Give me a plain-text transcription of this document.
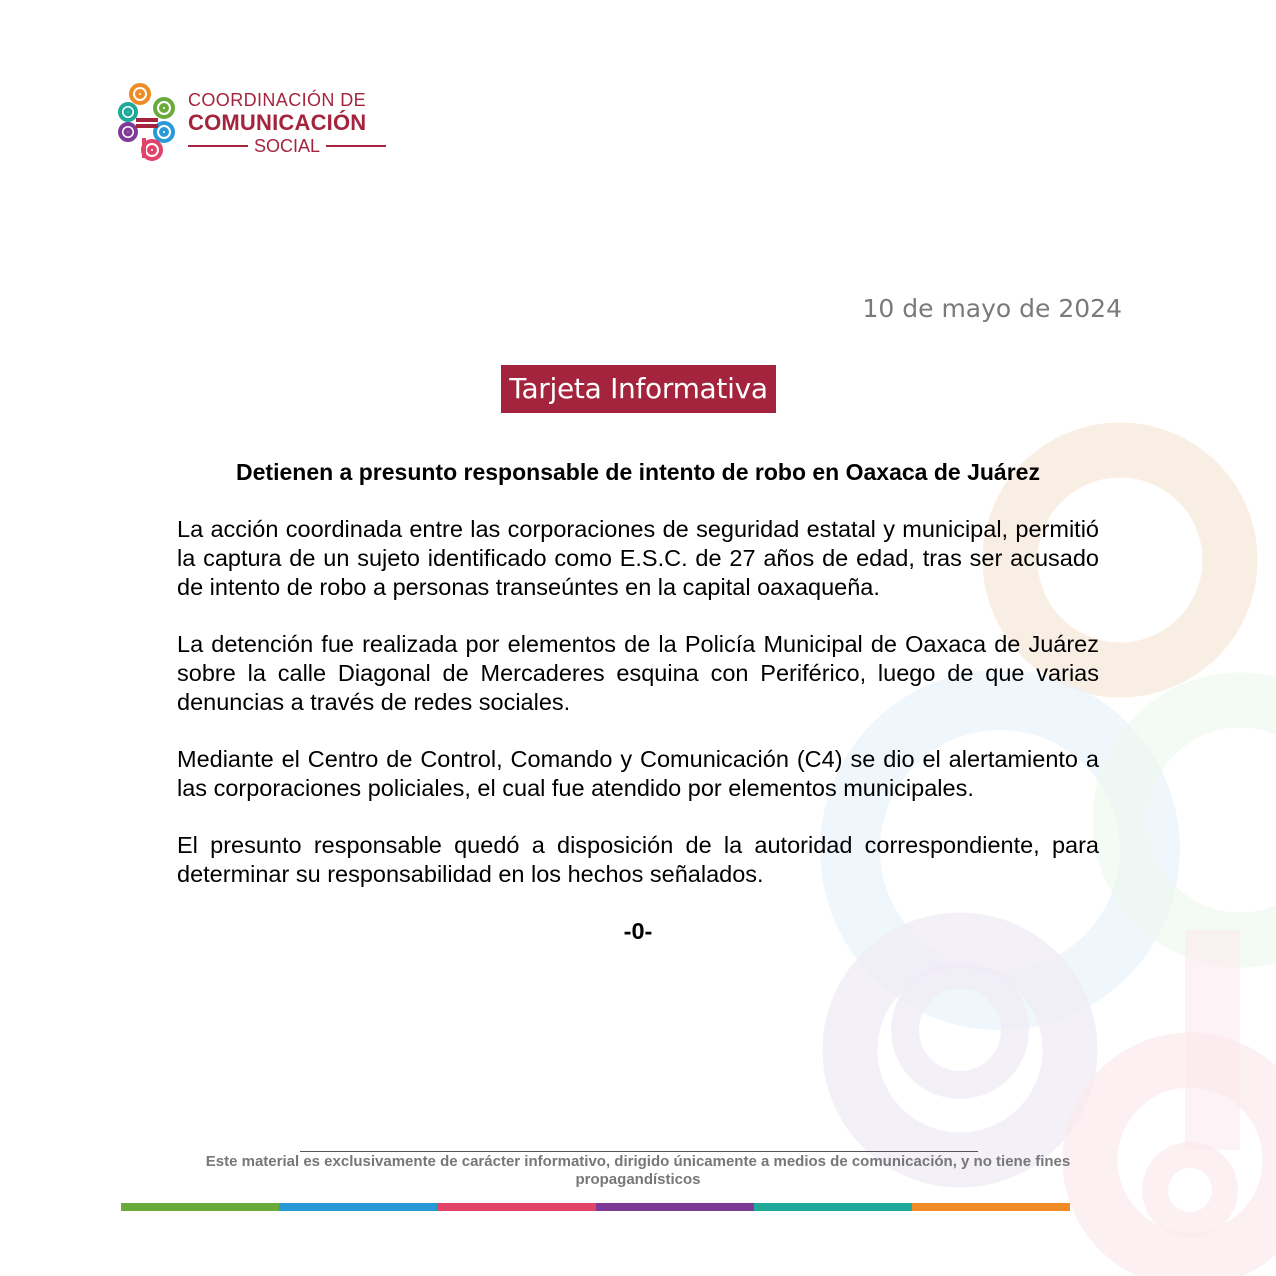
COORDINACIÓN DE
COMUNICACIÓN
SOCIAL
10 de mayo de 2024
Tarjeta Informativa
Detienen a presunto responsable de intento de robo en Oaxaca de Juárez

La acción coordinada entre las corporaciones de seguridad estatal y municipal, permitió la captura de un sujeto identificado como E.S.C. de 27 años de edad, tras ser acusado de intento de robo a personas transeúntes en la capital oaxaqueña.

La detención fue realizada por elementos de la Policía Municipal de Oaxaca de Juárez sobre la calle Diagonal de Mercaderes esquina con Periférico, luego de que varias denuncias a través de redes sociales.

Mediante el Centro de Control, Comando y Comunicación (C4) se dio el alertamiento a las corporaciones policiales, el cual fue atendido por elementos municipales.

El presunto responsable quedó a disposición de la autoridad correspondiente, para determinar su responsabilidad en los hechos señalados.

-0-
Este material es exclusivamente de carácter informativo, dirigido únicamente a medios de comunicación, y no tiene fines propagandísticos
